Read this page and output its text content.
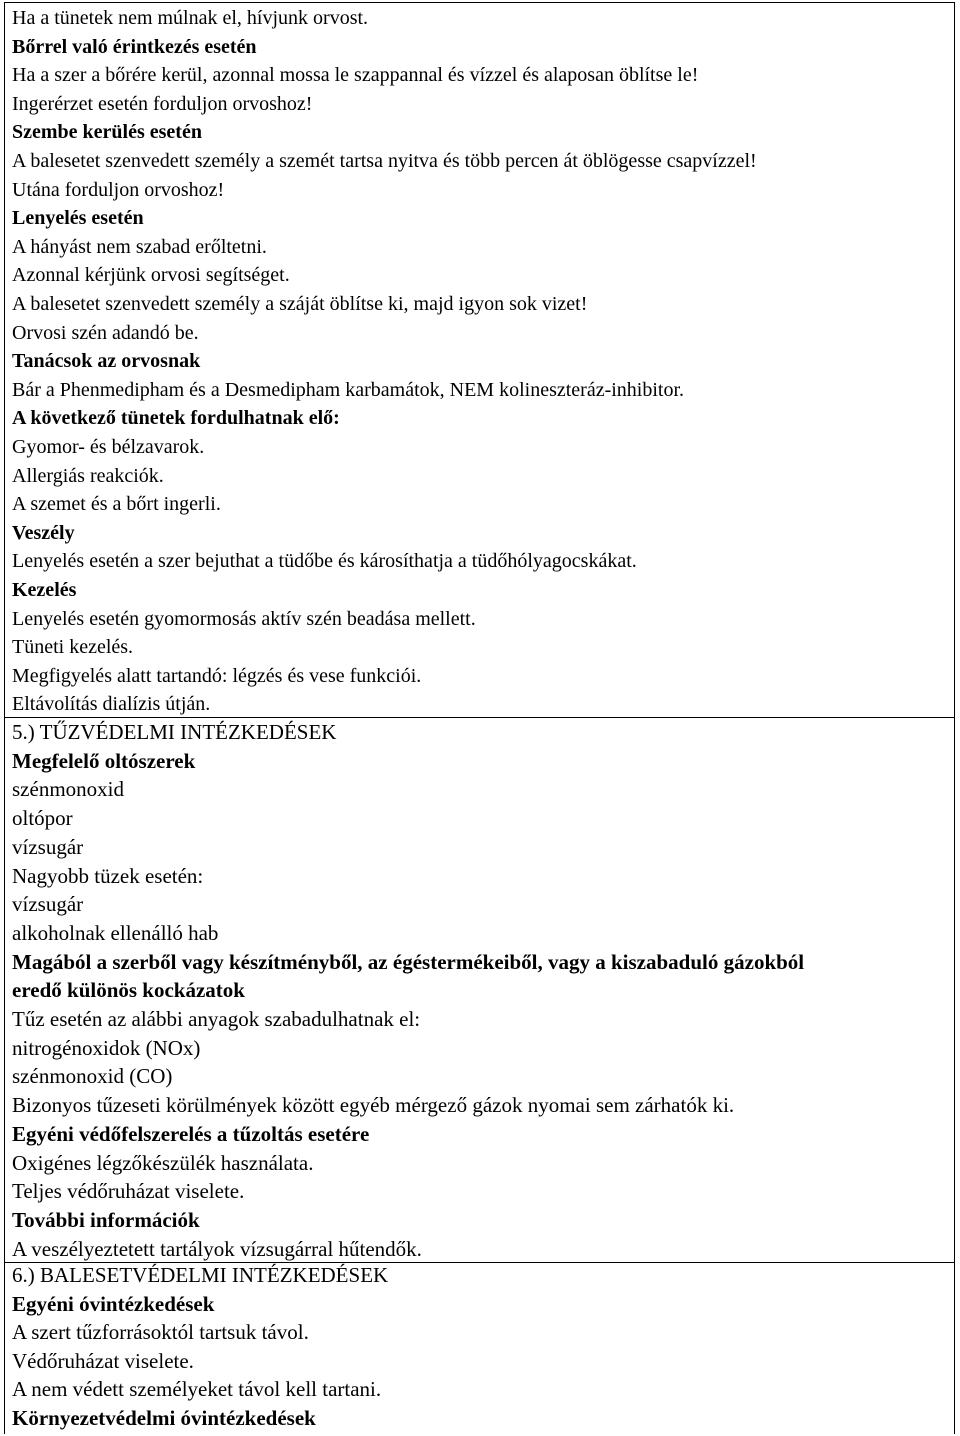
Ha a tünetek nem múlnak el, hívjunk orvost.
Bőrrel való érintkezés esetén
Ha a szer a bőrére kerül, azonnal mossa le szappannal és vízzel és alaposan öblítse le!
Ingerérzet esetén forduljon orvoshoz!
Szembe kerülés esetén
A balesetet szenvedett személy a szemét tartsa nyitva és több percen át öblögesse csapvízzel!
Utána forduljon orvoshoz!
Lenyelés esetén
A hányást nem szabad erőltetni.
Azonnal kérjünk orvosi segítséget.
A balesetet szenvedett személy a száját öblítse ki, majd igyon sok vizet!
Orvosi szén adandó be.
Tanácsok az orvosnak
Bár a Phenmedipham és a Desmedipham karbamátok, NEM kolineszteráz-inhibitor.
A következő tünetek fordulhatnak elő:
Gyomor- és bélzavarok.
Allergiás reakciók.
A szemet és a bőrt ingerli.
Veszély
Lenyelés esetén a szer bejuthat a tüdőbe és károsíthatja a tüdőhólyagocskákat.
Kezelés
Lenyelés esetén gyomormosás aktív szén beadása mellett.
Tüneti kezelés.
Megfigyelés alatt tartandó: légzés és vese funkciói.
Eltávolítás dialízis útján.
5.) TŰZVÉDELMI INTÉZKEDÉSEK
Megfelelő oltószerek
szénmonoxid
oltópor
vízsugár
Nagyobb tüzek esetén:
vízsugár
alkoholnak ellenálló hab
Magából a szerből vagy készítményből, az égéstermékeiből, vagy a kiszabaduló gázokból
eredő különös kockázatok
Tűz esetén az alábbi anyagok szabadulhatnak el:
nitrogénoxidok (NOx)
szénmonoxid (CO)
Bizonyos tűzeseti körülmények között egyéb mérgező gázok nyomai sem zárhatók ki.
Egyéni védőfelszerelés a tűzoltás esetére
Oxigénes légzőkészülék használata.
Teljes védőruházat viselete.
További információk
A veszélyeztetett tartályok vízsugárral hűtendők.
6.) BALESETVÉDELMI INTÉZKEDÉSEK
Egyéni óvintézkedések
A szert tűzforrásoktól tartsuk távol.
Védőruházat viselete.
A nem védett személyeket távol kell tartani.
Környezetvédelmi óvintézkedések
